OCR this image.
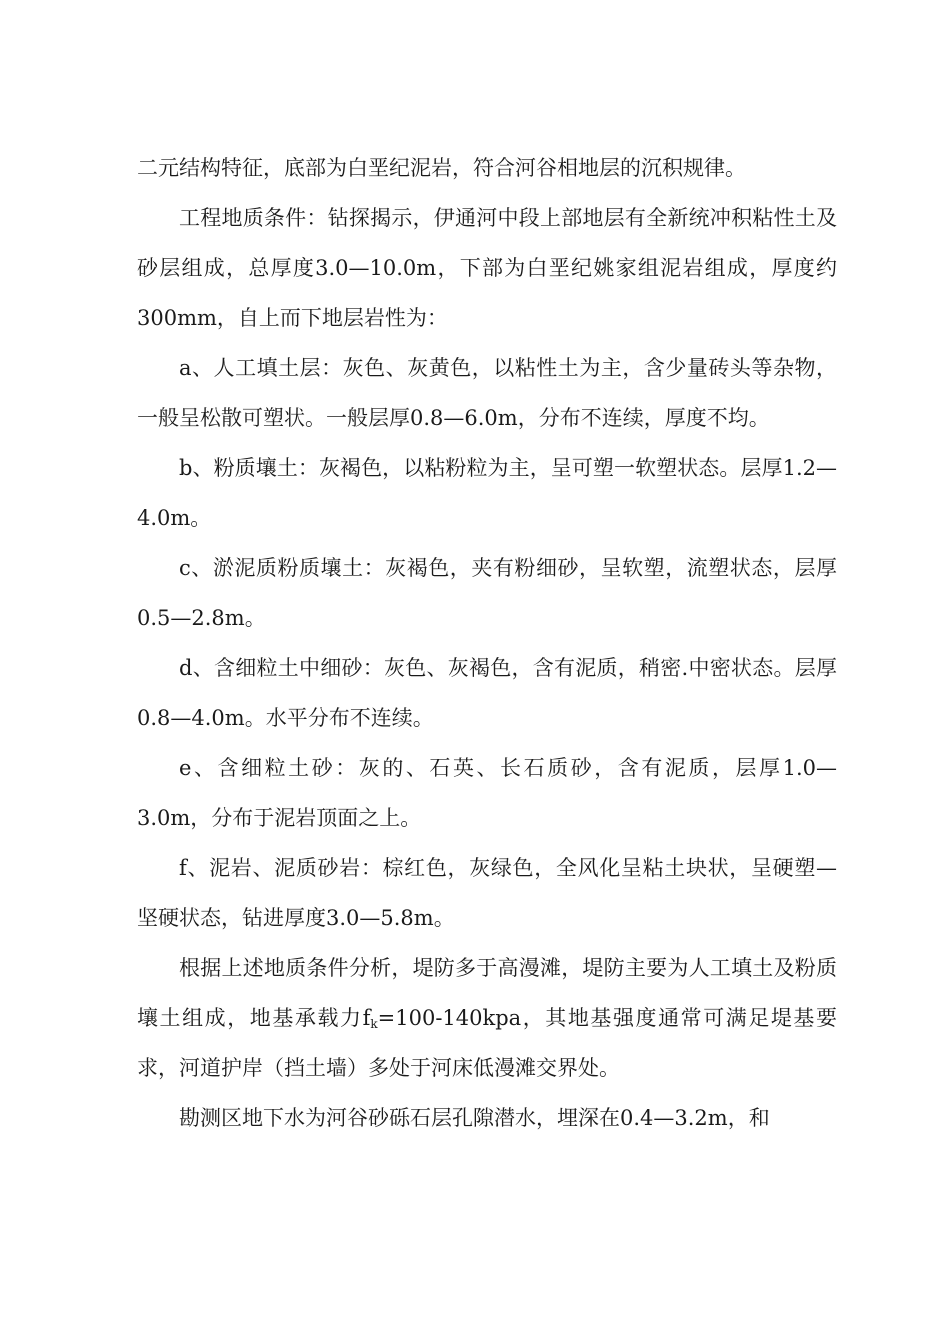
二元结构特征，底部为白垩纪泥岩，符合河谷相地层的沉积规律。

工程地质条件：钻探揭示，伊通河中段上部地层有全新统冲积粘性土及砂层组成，总厚度3.0—10.0m，下部为白垩纪姚家组泥岩组成，厚度约300mm，自上而下地层岩性为：

a、人工填土层：灰色、灰黄色，以粘性土为主，含少量砖头等杂物，一般呈松散可塑状。一般层厚0.8—6.0m，分布不连续，厚度不均。

b、粉质壤土：灰褐色，以粘粉粒为主，呈可塑一软塑状态。层厚1.2—4.0m。

c、淤泥质粉质壤土：灰褐色，夹有粉细砂，呈软塑，流塑状态，层厚0.5—2.8m。

d、含细粒土中细砂：灰色、灰褐色，含有泥质，稍密.中密状态。层厚0.8—4.0m。水平分布不连续。

e、含细粒土砂：灰的、石英、长石质砂，含有泥质，层厚1.0—3.0m，分布于泥岩顶面之上。

f、泥岩、泥质砂岩：棕红色，灰绿色，全风化呈粘土块状，呈硬塑—坚硬状态，钻进厚度3.0—5.8m。

根据上述地质条件分析，堤防多于高漫滩，堤防主要为人工填土及粉质壤土组成，地基承载力$f_k=100-140kpa$，其地基强度通常可满足堤基要求，河道护岸（挡土墙）多处于河床低漫滩交界处。

勘测区地下水为河谷砂砾石层孔隙潜水，埋深在0.4—3.2m，和
